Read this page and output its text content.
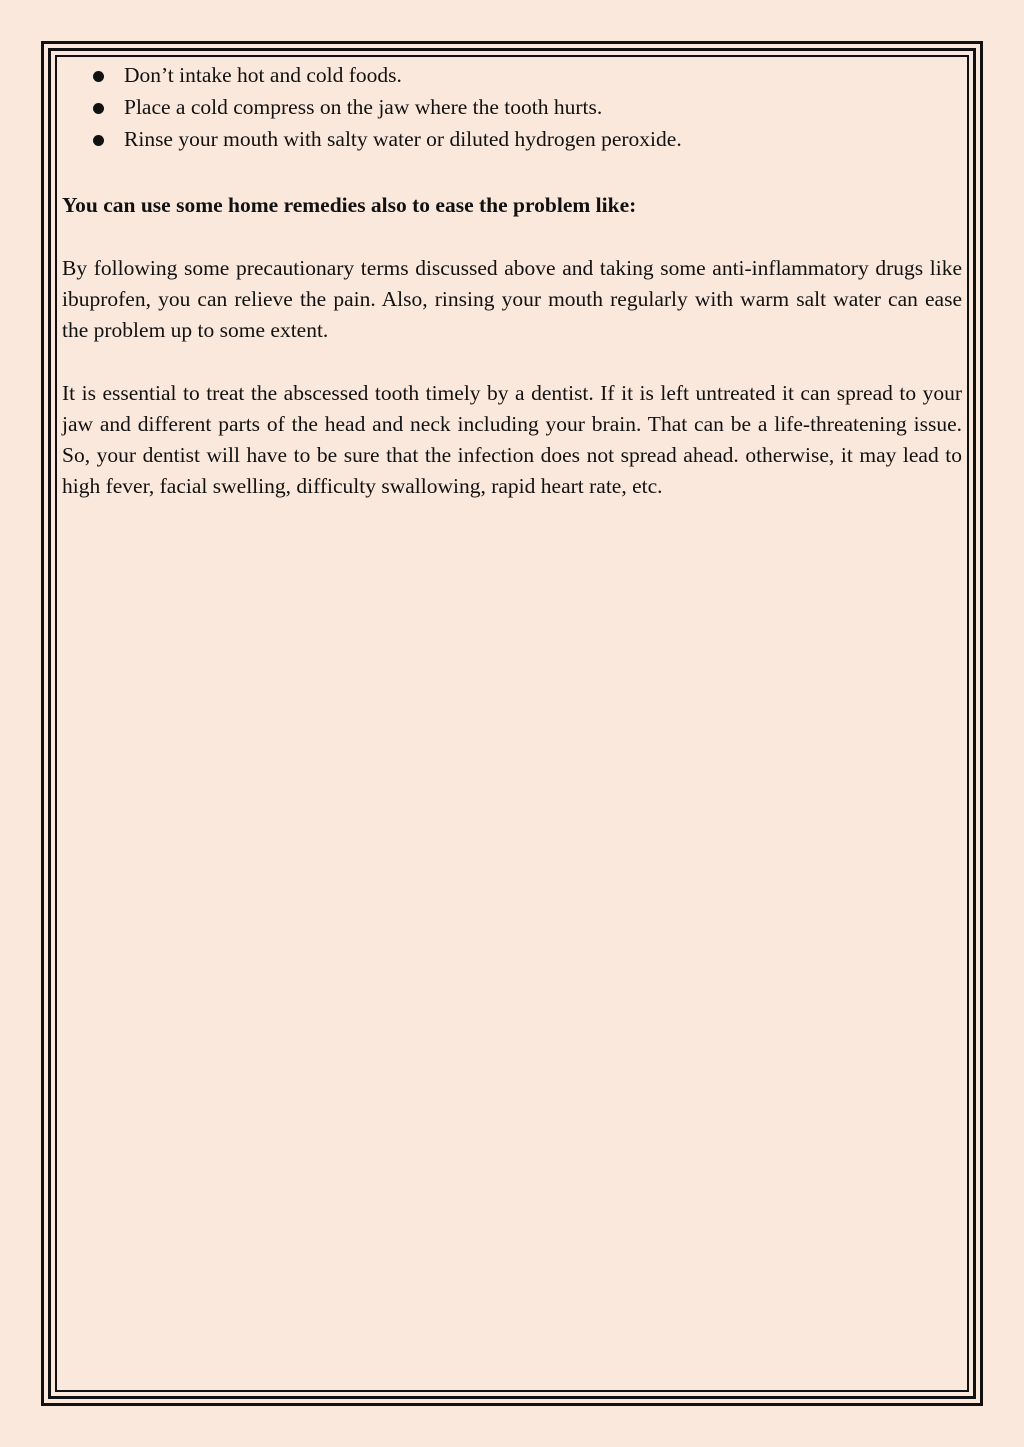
Don’t intake hot and cold foods.
Place a cold compress on the jaw where the tooth hurts.
Rinse your mouth with salty water or diluted hydrogen peroxide.

You can use some home remedies also to ease the problem like:

By following some precautionary terms discussed above and taking some anti-inflammatory drugs like ibuprofen, you can relieve the pain. Also, rinsing your mouth regularly with warm salt water can ease the problem up to some extent.

It is essential to treat the abscessed tooth timely by a dentist. If it is left untreated it can spread to your jaw and different parts of the head and neck including your brain. That can be a life-threatening issue. So, your dentist will have to be sure that the infection does not spread ahead. otherwise, it may lead to high fever, facial swelling, difficulty swallowing, rapid heart rate, etc.
